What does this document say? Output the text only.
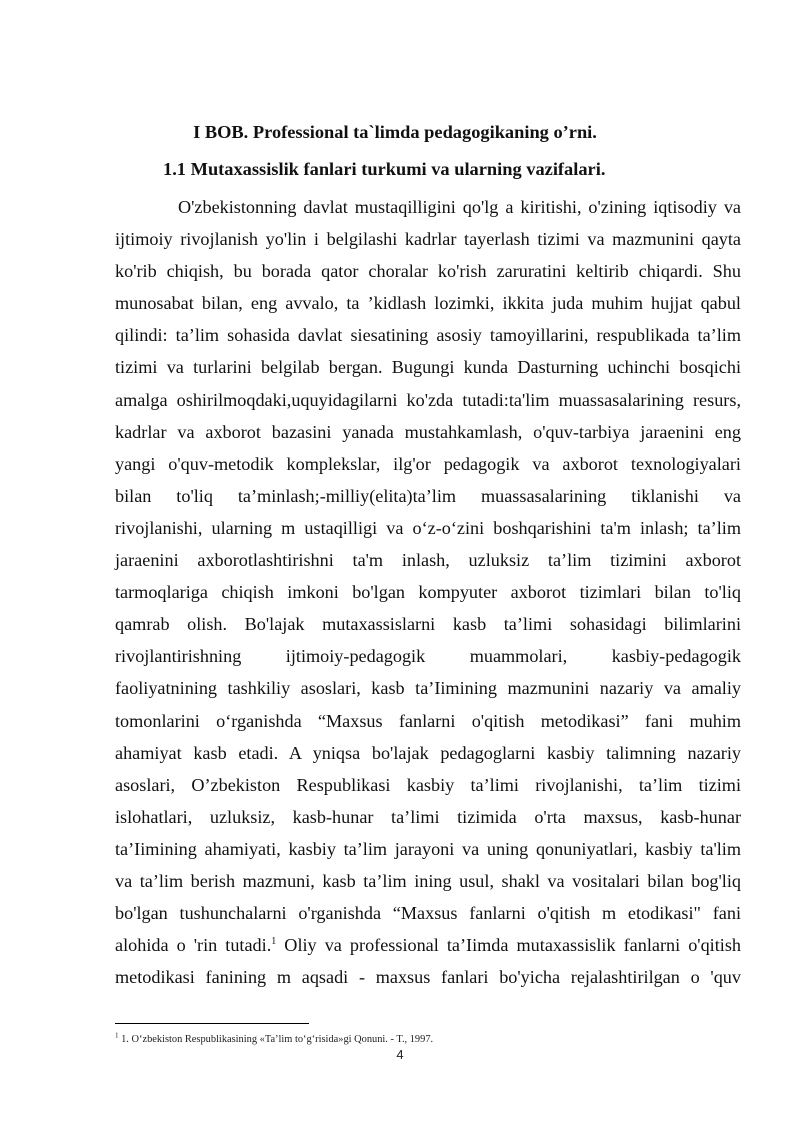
I BOB. Professional ta`limda pedagogikaning o’rni.
1.1 Mutaxassislik fanlari turkumi va ularning vazifalari.
O'zbekistonning davlat mustaqilligini qo'lg a kiritishi, o'zining iqtisodiy va
ijtimoiy rivojlanish yo'lin i belgilashi kadrlar tayerlash tizimi va mazmunini qayta
ko'rib chiqish, bu borada qator choralar ko'rish zaruratini keltirib chiqardi. Shu
munosabat bilan, eng avvalo, ta ’kidlash lozimki, ikkita juda muhim hujjat qabul
qilindi: ta’lim sohasida davlat siesatining asosiy tamoyillarini, respublikada ta’lim
tizimi va turlarini belgilab bergan. Bugungi kunda Dasturning uchinchi bosqichi
amalga oshirilmoqdaki,uquyidagilarni ko'zda tutadi:ta'lim muassasalarining resurs,
kadrlar va axborot bazasini yanada mustahkamlash, o'quv-tarbiya jaraenini eng
yangi o'quv-metodik komplekslar, ilg'or pedagogik va axborot texnologiyalari
bilan to'liq ta’minlash;-milliy(elita)ta’lim muassasalarining tiklanishi va
rivojlanishi, ularning m ustaqilligi va o‘z-o‘zini boshqarishini ta'm inlash; ta’lim
jaraenini axborotlashtirishni ta'm inlash, uzluksiz ta’lim tizimini axborot
tarmoqlariga chiqish imkoni bo'lgan kompyuter axborot tizimlari bilan to'liq
qamrab olish. Bo'lajak mutaxassislarni kasb ta’limi sohasidagi bilimlarini
rivojlantirishning ijtimoiy-pedagogik muammolari, kasbiy-pedagogik
faoliyatnining tashkiliy asoslari, kasb ta’Iimining mazmunini nazariy va amaliy
tomonlarini o‘rganishda “Maxsus fanlarni o'qitish metodikasi” fani muhim
ahamiyat kasb etadi. A yniqsa bo'lajak pedagoglarni kasbiy talimning nazariy
asoslari, O’zbekiston Respublikasi kasbiy ta’limi rivojlanishi, ta’lim tizimi
islohatlari, uzluksiz, kasb-hunar ta’limi tizimida o'rta maxsus, kasb-hunar
ta’Iimining ahamiyati, kasbiy ta’lim jarayoni va uning qonuniyatlari, kasbiy ta'lim
va ta’lim berish mazmuni, kasb ta’lim ining usul, shakl va vositalari bilan bog'liq
bo'lgan tushunchalarni o'rganishda “Maxsus fanlarni o'qitish m etodikasi" fani
alohida o 'rin tutadi.$^1$ Oliy va professional ta’Iimda mutaxassislik fanlarni o'qitish
metodikasi fanining m aqsadi - maxsus fanlari bo'yicha rejalashtirilgan o 'quv
$^1$ 1. O‘zbekiston Respublikasining «Ta’lim to‘g‘risida»gi Qonuni. - T., 1997.
4
